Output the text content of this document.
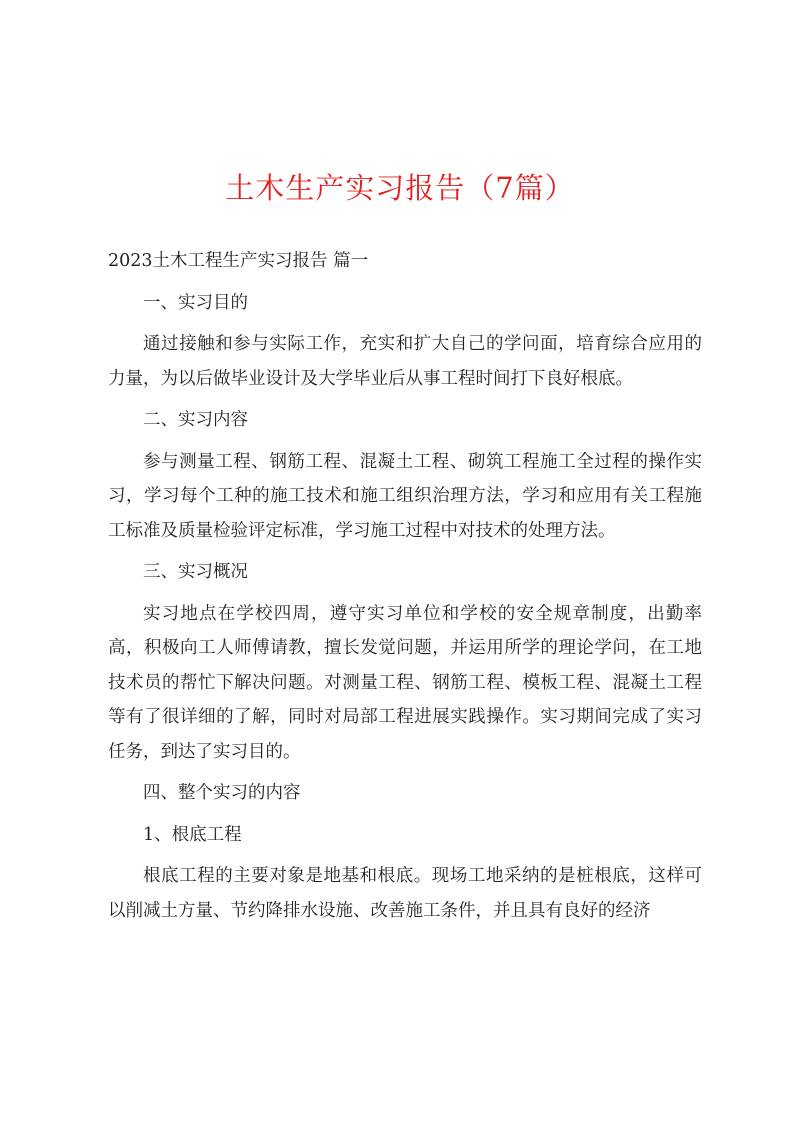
土木生产实习报告（7篇）

2023土木工程生产实习报告 篇一

一、实习目的

通过接触和参与实际工作，充实和扩大自己的学问面，培育综合应用的力量，为以后做毕业设计及大学毕业后从事工程时间打下良好根底。

二、实习内容

参与测量工程、钢筋工程、混凝土工程、砌筑工程施工全过程的操作实习，学习每个工种的施工技术和施工组织治理方法，学习和应用有关工程施工标准及质量检验评定标准，学习施工过程中对技术的处理方法。

三、实习概况

实习地点在学校四周，遵守实习单位和学校的安全规章制度，出勤率高，积极向工人师傅请教，擅长发觉问题，并运用所学的理论学问，在工地技术员的帮忙下解决问题。对测量工程、钢筋工程、模板工程、混凝土工程等有了很详细的了解，同时对局部工程进展实践操作。实习期间完成了实习任务，到达了实习目的。

四、整个实习的内容

1、根底工程

根底工程的主要对象是地基和根底。现场工地采纳的是桩根底，这样可以削减土方量、节约降排水设施、改善施工条件，并且具有良好的经济
